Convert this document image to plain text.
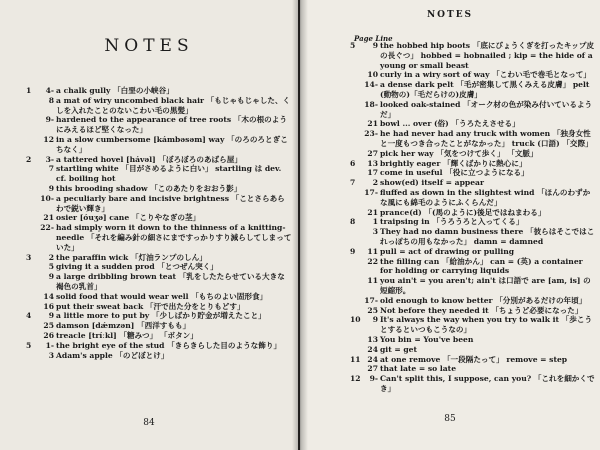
NOTES
1	4- a chalk gully 「白堊の小峡谷」
8 a mat of wiry uncombed black hair 「もじゃもじゃした、くしを入れたことのないこわい毛の黒髪」
9- hardened to the appearance of tree roots 「木の根のようにみえるほど堅くなった」
12 in a slow cumbersome [kámbəsəm] way 「のろのろとぎこちなく」
2	3- a tattered hovel [hávəl] 「ぼろぼろのあばら屋」
7 startling white 「目がさめるように白い」 startling は dev. cf. boiling hot
9 this brooding shadow 「このあたりをおおう影」
10- a peculiarly bare and incisive brightness 「ことさらあらわで鋭い輝き」
21 osier [óuʒə] cane 「こりやなぎの茎」
22- had simply worn it down to the thinness of a knitting-needle 「それを編み針の細さにまですっかりすり減らしてしまっていた」
3	2 the paraffin wick 「灯油ランプのしん」
5 giving it a sudden prod 「とつぜん突く」
9 a large dribbling brown teat 「乳をしたたらせている大きな褐色の乳首」
14 solid food that would wear well 「もちのよい固形食」
16 put their sweat back 「汗で出た分をとりもどす」
4	9 a little more to put by 「少しばかり貯金が増えたこと」
25 damson [dǽmzən] 「西洋すもも」
26 treacle [tríːkl] 「糖みつ」 「ボタン」
5	1- the bright eye of the stud 「きらきらした目のような飾り」
3 Adam's apple 「のどぼとけ」
84
NOTES
Page Line
5	9 the hobbed hip boots 「底にびょうくぎを打ったキップ皮の長ぐつ」 hobbed = hobnailed ; kip = the hide of a young or small beast
10 curly in a wiry sort of way 「こわい毛で巻毛となって」
14- a dense dark pelt 「毛が密集して黒くみえる皮膚」 pelt (動物の)「毛だらけの)皮膚」
18- looked oak-stained 「オーク材の色が染み付いているようだ」
21 bowl ... over (俗) 「うろたえさせる」
23- he had never had any truck with women 「独身女性と一度もつき合ったことがなかった」 truck (口語) 「交際」
27 pick her way 「気をつけて歩く」 「文脈」
6	13 brightly eager 「輝くばかりに熱心に」
17 come in useful 「役に立つようになる」
7	2 show(ed) itself = appear
17- fluffed as down in the slightest wind 「ほんのわずかな風にも綿毛のようにふくらんだ」
21 prance(d) 「(馬のように)後足ではねまわる」
8	1 traipsing in 「うろうろと入ってくる」
3 They had no damn business there 「彼らはそこではこれっぽちの用もなかった」 damn = damned
9	11 pull = act of drawing or pulling
22 the filling can 「給油かん」 can = (英) a container for holding or carrying liquids
11 you ain't = you aren't; ain't は口語で are [am, is] の短縮形。
17- old enough to know better 「分別があるだけの年頃」
25 Not before they needed it 「ちょうど必要になった」
10	9 It's always the way when you try to walk it 「歩こうとするといつもこうなの」
13 You bin = You've been
24 git = get
11 24 at one remove 「一段隔たって」 remove = step
27 that late = so late
12	9- Can't split this, I suppose, can you? 「これを細かくでき」
85
